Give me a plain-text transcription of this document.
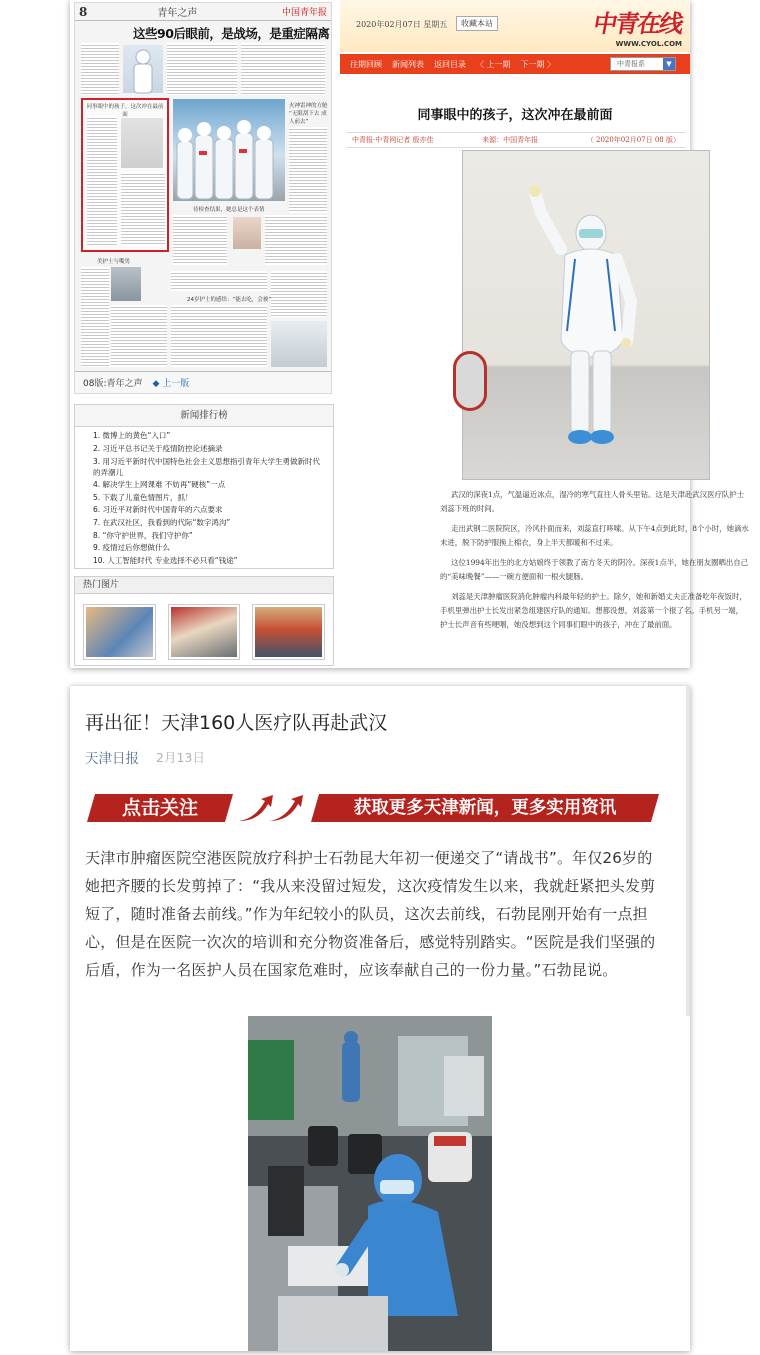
8	青年之声	中国青年报
这些90后眼前，是战场，是重症隔离
同事眼中的孩子，这次冲在最前面
待检查结果，她总是这个表情
火神雷神的方舱 “无限刮下去 成人前去”
美护士与嘴男
24岁护士的感悟：“能去吃，会被”
08版:青年之声 ◆ 上一版
新闻排行榜
1. 微博上的黄色“入口”
2. 习近平总书记关于疫情防控论述摘录
3. 用习近平新时代中国特色社会主义思想指引青年大学生勇做新时代的弄潮儿
4. 解决学生上网课难 不妨再“硬核”一点
5. 下载了儿童色情图片，抓！
6. 习近平对新时代中国青年的六点要求
7. 在武汉社区，我看到的代际“数字鸿沟”
8. “你守护世界，我们守护你”
9. 疫情过后你想做什么
10. 人工智能时代 专业选择不必只看“钱途”
热门图片
2020年02月07日 星期五	收藏本站	中青在线
WWW.CYOL.COM
往期回顾 新闻列表 返回目录 〈 上一期 下一期 〉	中青报系	▼
同事眼中的孩子，这次冲在最前面
中青报·中青网记者 殷亦佳	来源：中国青年报	（ 2020年02月07日 08 版）

武汉的深夜1点，气温逼近冰点，湿冷的寒气直往人骨头里钻。这是天津赴武汉医疗队护士刘蕊下班的时间。

走出武钢二医院院区，冷风扑面而来，刘蕊直打哆嗦。从下午4点到此时，8个小时，她滴水未进，脱下防护服换上棉衣，身上半天都暖和不过来。

这位1994年出生的北方姑娘终于领教了南方冬天的阴冷。深夜1点半，她在朋友圈晒出自己的“美味晚餐”——一碗方便面和一根火腿肠。

刘蕊是天津肿瘤医院消化肿瘤内科最年轻的护士。除夕，她和新婚丈夫正准备吃年夜饭时，手机里弹出护士长发出紧急组建医疗队的通知。想都没想，刘蕊第一个报了名。手机另一端，护士长声音有些哽咽，她没想到这个同事们眼中的孩子，冲在了最前面。

再出征！天津160人医疗队再赴武汉
天津日报 2月13日
点击关注	获取更多天津新闻，更多实用资讯
天津市肿瘤医院空港医院放疗科护士石勃昆大年初一便递交了“请战书”。年仅26岁的她把齐腰的长发剪掉了：“我从来没留过短发，这次疫情发生以来，我就赶紧把头发剪短了，随时准备去前线。”作为年纪较小的队员，这次去前线，石勃昆刚开始有一点担心，但是在医院一次次的培训和充分物资准备后，感觉特别踏实。“医院是我们坚强的后盾，作为一名医护人员在国家危难时，应该奉献自己的一份力量。”石勃昆说。
